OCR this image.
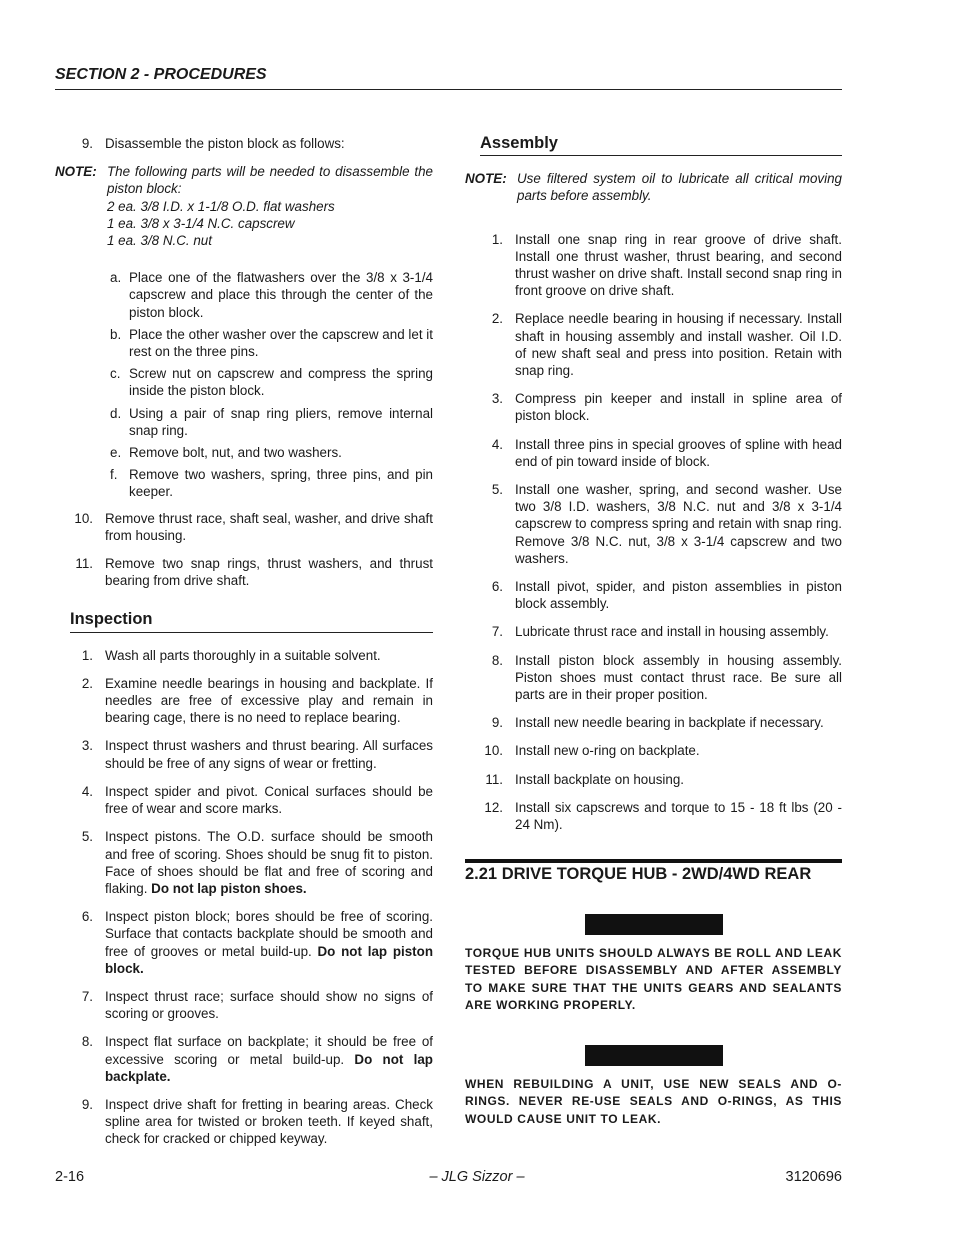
SECTION 2 - PROCEDURES
9. Disassemble the piston block as follows:
NOTE: The following parts will be needed to disassemble the piston block:
2 ea. 3/8 I.D. x 1-1/8 O.D. flat washers
1 ea. 3/8 x 3-1/4 N.C. capscrew
1 ea. 3/8 N.C. nut
a. Place one of the flatwashers over the 3/8 x 3-1/4 capscrew and place this through the center of the piston block.
b. Place the other washer over the capscrew and let it rest on the three pins.
c. Screw nut on capscrew and compress the spring inside the piston block.
d. Using a pair of snap ring pliers, remove internal snap ring.
e. Remove bolt, nut, and two washers.
f. Remove two washers, spring, three pins, and pin keeper.
10. Remove thrust race, shaft seal, washer, and drive shaft from housing.
11. Remove two snap rings, thrust washers, and thrust bearing from drive shaft.
Inspection
1. Wash all parts thoroughly in a suitable solvent.
2. Examine needle bearings in housing and backplate. If needles are free of excessive play and remain in bearing cage, there is no need to replace bearing.
3. Inspect thrust washers and thrust bearing. All surfaces should be free of any signs of wear or fretting.
4. Inspect spider and pivot. Conical surfaces should be free of wear and score marks.
5. Inspect pistons. The O.D. surface should be smooth and free of scoring. Shoes should be snug fit to piston. Face of shoes should be flat and free of scoring and flaking. Do not lap piston shoes.
6. Inspect piston block; bores should be free of scoring. Surface that contacts backplate should be smooth and free of grooves or metal build-up. Do not lap piston block.
7. Inspect thrust race; surface should show no signs of scoring or grooves.
8. Inspect flat surface on backplate; it should be free of excessive scoring or metal build-up. Do not lap backplate.
9. Inspect drive shaft for fretting in bearing areas. Check spline area for twisted or broken teeth. If keyed shaft, check for cracked or chipped keyway.
Assembly
NOTE: Use filtered system oil to lubricate all critical moving parts before assembly.
1. Install one snap ring in rear groove of drive shaft. Install one thrust washer, thrust bearing, and second thrust washer on drive shaft. Install second snap ring in front groove on drive shaft.
2. Replace needle bearing in housing if necessary. Install shaft in housing assembly and install washer. Oil I.D. of new shaft seal and press into position. Retain with snap ring.
3. Compress pin keeper and install in spline area of piston block.
4. Install three pins in special grooves of spline with head end of pin toward inside of block.
5. Install one washer, spring, and second washer. Use two 3/8 I.D. washers, 3/8 N.C. nut and 3/8 x 3-1/4 capscrew to compress spring and retain with snap ring. Remove 3/8 N.C. nut, 3/8 x 3-1/4 capscrew and two washers.
6. Install pivot, spider, and piston assemblies in piston block assembly.
7. Lubricate thrust race and install in housing assembly.
8. Install piston block assembly in housing assembly. Piston shoes must contact thrust race. Be sure all parts are in their proper position.
9. Install new needle bearing in backplate if necessary.
10. Install new o-ring on backplate.
11. Install backplate on housing.
12. Install six capscrews and torque to 15 - 18 ft lbs (20 - 24 Nm).
2.21 DRIVE TORQUE HUB - 2WD/4WD REAR
TORQUE HUB UNITS SHOULD ALWAYS BE ROLL AND LEAK TESTED BEFORE DISASSEMBLY AND AFTER ASSEMBLY TO MAKE SURE THAT THE UNITS GEARS AND SEALANTS ARE WORKING PROPERLY.
WHEN REBUILDING A UNIT, USE NEW SEALS AND O-RINGS. NEVER RE-USE SEALS AND O-RINGS, AS THIS WOULD CAUSE UNIT TO LEAK.
2-16	– JLG Sizzor –	3120696
